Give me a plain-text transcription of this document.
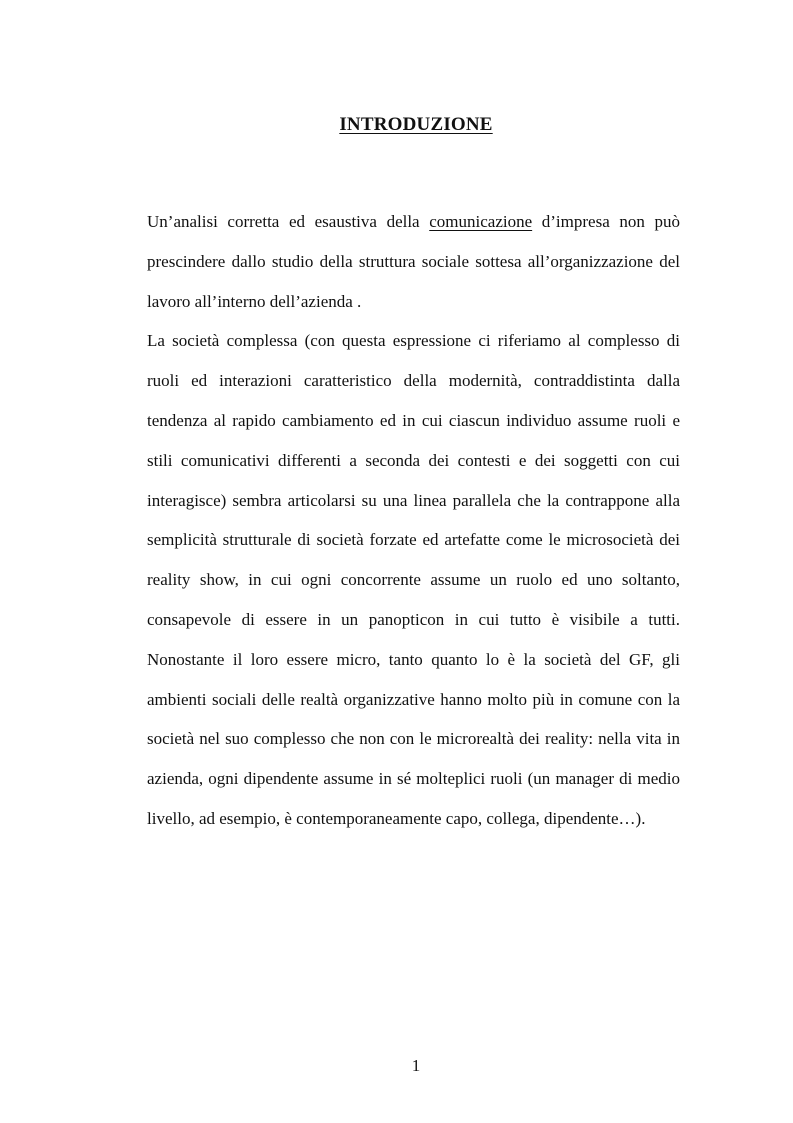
INTRODUZIONE

Un’analisi corretta ed esaustiva della comunicazione d’impresa non può prescindere dallo studio della struttura sociale sottesa all’organizzazione del lavoro all’interno dell’azienda .

La società complessa (con questa espressione ci riferiamo al complesso di ruoli ed interazioni caratteristico della modernità, contraddistinta dalla tendenza al rapido cambiamento ed in cui ciascun individuo assume ruoli e stili comunicativi differenti a seconda dei contesti e dei soggetti con cui interagisce) sembra articolarsi su una linea parallela che la contrappone alla semplicità strutturale di società forzate ed artefatte come le microsocietà dei reality show, in cui ogni concorrente assume un ruolo ed uno soltanto, consapevole di essere in un panopticon in cui tutto è visibile a tutti. Nonostante il loro essere micro, tanto quanto lo è la società del GF, gli ambienti sociali delle realtà organizzative hanno molto più in comune con la società nel suo complesso che non con le microrealtà dei reality: nella vita in azienda, ogni dipendente assume in sé molteplici ruoli (un manager di medio livello, ad esempio, è contemporaneamente capo, collega, dipendente…).

1
